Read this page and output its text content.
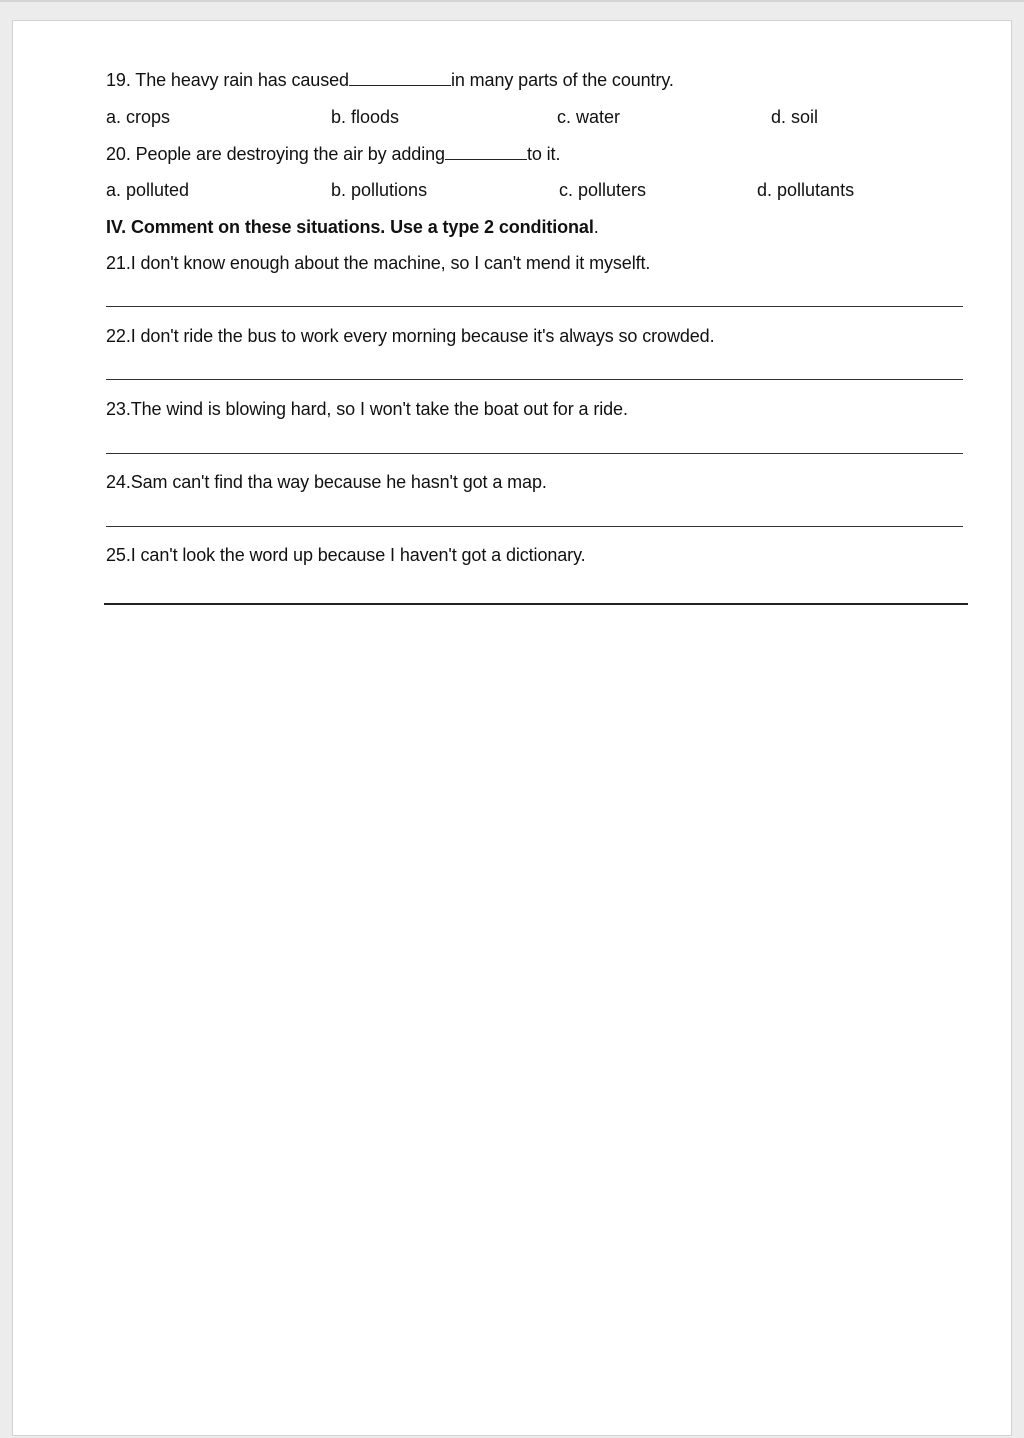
19. The heavy rain has caused	in many parts of the country.
a. crops	b. floods	c. water	d. soil
20. People are destroying the air by adding	to it.
a. polluted	b. pollutions	c. polluters	d. pollutants
IV. Comment on these situations. Use a type 2 conditional.
21.I don't know enough about the machine, so I can't mend it myselft.
22.I don't ride the bus to work every morning because it's always so crowded.
23.The wind is blowing hard, so I won't take the boat out for a ride.
24.Sam can't find tha way because he hasn't got a map.
25.I can't look the word up because I haven't got a dictionary.
